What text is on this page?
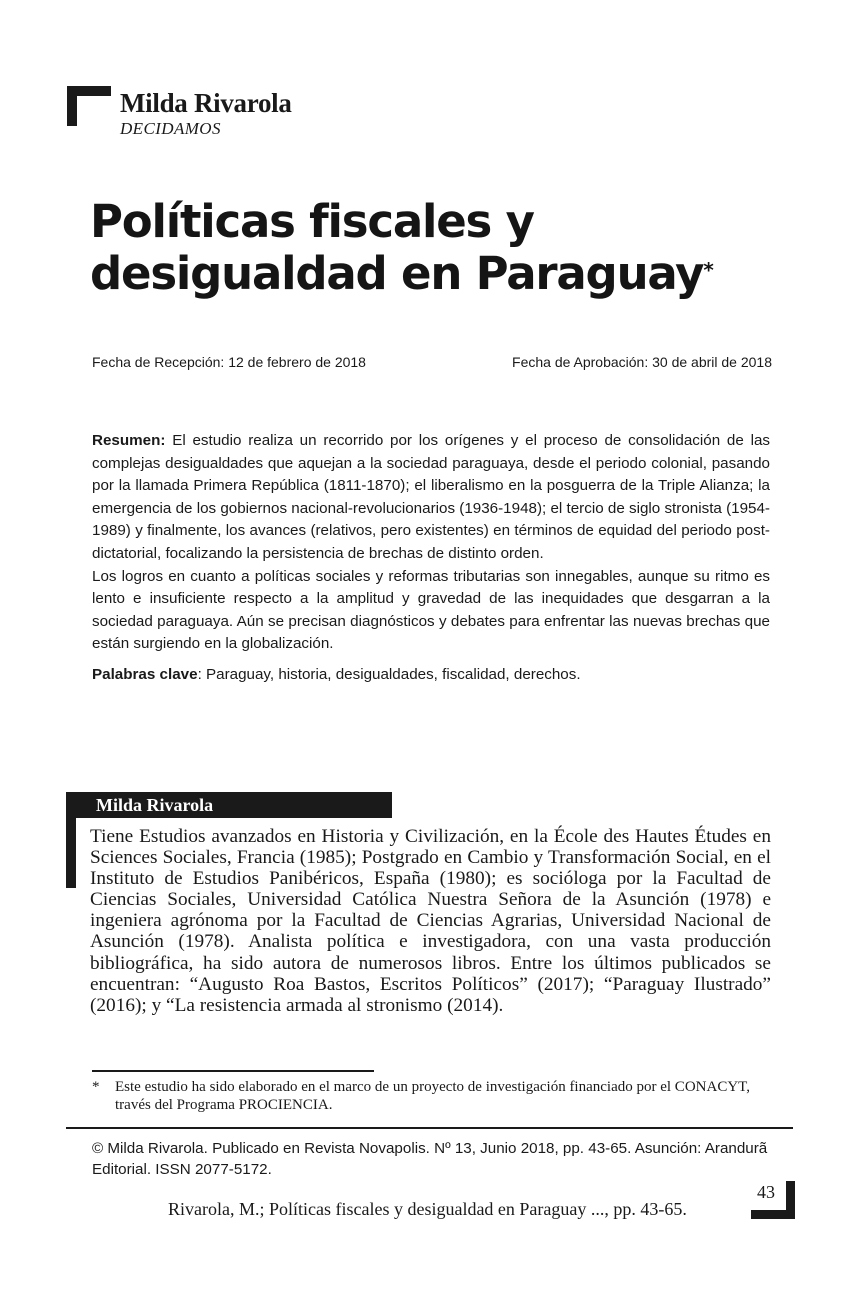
Milda Rivarola
DECIDAMOS
Políticas fiscales y
desigualdad en Paraguay*
Fecha de Recepción: 12 de febrero de 2018	Fecha de Aprobación: 30 de abril de 2018

Resumen: El estudio realiza un recorrido por los orígenes y el proceso de consolidación de las complejas desigualdades que aquejan a la sociedad paraguaya, desde el periodo colonial, pasando por la llamada Primera República (1811-1870); el liberalismo en la posguerra de la Triple Alianza; la emergencia de los gobiernos nacional-revolucionarios (1936-1948); el tercio de siglo stronista (1954-1989) y finalmente, los avances (relativos, pero existentes) en términos de equidad del periodo post-dictatorial, focalizando la persistencia de brechas de distinto orden.

Los logros en cuanto a políticas sociales y reformas tributarias son innegables, aunque su ritmo es lento e insuficiente respecto a la amplitud y gravedad de las inequidades que desgarran a la sociedad paraguaya. Aún se precisan diagnósticos y debates para enfrentar las nuevas brechas que están surgiendo en la globalización.

Palabras clave: Paraguay, historia, desigualdades, fiscalidad, derechos.

Milda Rivarola

Tiene Estudios avanzados en Historia y Civilización, en la École des Hautes Études en Sciences Sociales, Francia (1985); Postgrado en Cambio y Transformación Social, en el Instituto de Estudios Panibéricos, España (1980); es socióloga por la Facultad de Ciencias Sociales, Universidad Católica Nuestra Señora de la Asunción (1978) e ingeniera agrónoma por la Facultad de Ciencias Agrarias, Universidad Nacional de Asunción (1978). Analista política e investigadora, con una vasta producción bibliográfica, ha sido autora de numerosos libros. Entre los últimos publicados se encuentran: “Augusto Roa Bastos, Escritos Políticos” (2017); “Paraguay Ilustrado” (2016); y “La resistencia armada al stronismo (2014).

*	Este estudio ha sido elaborado en el marco de un proyecto de investigación financiado por el CONACYT, través del Programa PROCIENCIA.
© Milda Rivarola. Publicado en Revista Novapolis. Nº 13, Junio 2018, pp. 43-65. Asunción: Arandurã Editorial. ISSN 2077-5172.
Rivarola, M.; Políticas fiscales y desigualdad en Paraguay ..., pp. 43-65.
43
